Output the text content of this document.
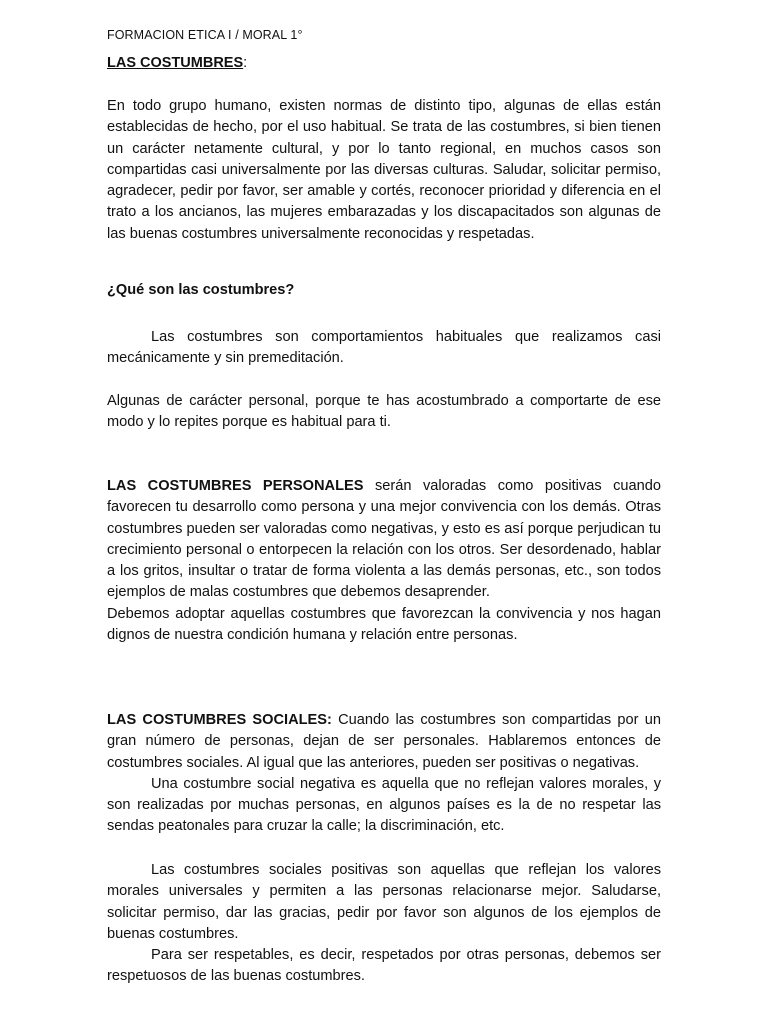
FORMACION ETICA I / MORAL 1°
LAS COSTUMBRES:

En todo grupo humano, existen normas de distinto tipo, algunas de ellas están establecidas de hecho, por el uso habitual. Se trata de las costumbres, si bien tienen un carácter netamente cultural, y por lo tanto regional, en muchos casos son compartidas casi universalmente por las diversas culturas. Saludar, solicitar permiso, agradecer, pedir por favor, ser amable y cortés, reconocer prioridad y diferencia en el trato a los ancianos, las mujeres embarazadas y los discapacitados son algunas de las buenas costumbres universalmente reconocidas y respetadas.

¿Qué son las costumbres?

Las costumbres son comportamientos habituales que realizamos casi mecánicamente y sin premeditación.

Algunas de carácter personal, porque te has acostumbrado a comportarte de ese modo y lo repites porque es habitual para ti.

LAS COSTUMBRES PERSONALES serán valoradas como positivas cuando favorecen tu desarrollo como persona y una mejor convivencia con los demás. Otras costumbres pueden ser valoradas como negativas, y esto es así porque perjudican tu crecimiento personal o entorpecen la relación con los otros. Ser desordenado, hablar a los gritos, insultar o tratar de forma violenta a las demás personas, etc., son todos ejemplos de malas costumbres que debemos desaprender.

Debemos adoptar aquellas costumbres que favorezcan la convivencia y nos hagan dignos de nuestra condición humana y relación entre personas.

LAS COSTUMBRES SOCIALES: Cuando las costumbres son compartidas por un gran número de personas, dejan de ser personales. Hablaremos entonces de costumbres sociales. Al igual que las anteriores, pueden ser positivas o negativas.

Una costumbre social negativa es aquella que no reflejan valores morales, y son realizadas por muchas personas, en algunos países es la de no respetar las sendas peatonales para cruzar la calle; la discriminación, etc.

Las costumbres sociales positivas son aquellas que reflejan los valores morales universales y permiten a las personas relacionarse mejor. Saludarse, solicitar permiso, dar las gracias, pedir por favor son algunos de los ejemplos de buenas costumbres.

Para ser respetables, es decir, respetados por otras personas, debemos ser respetuosos de las buenas costumbres.
